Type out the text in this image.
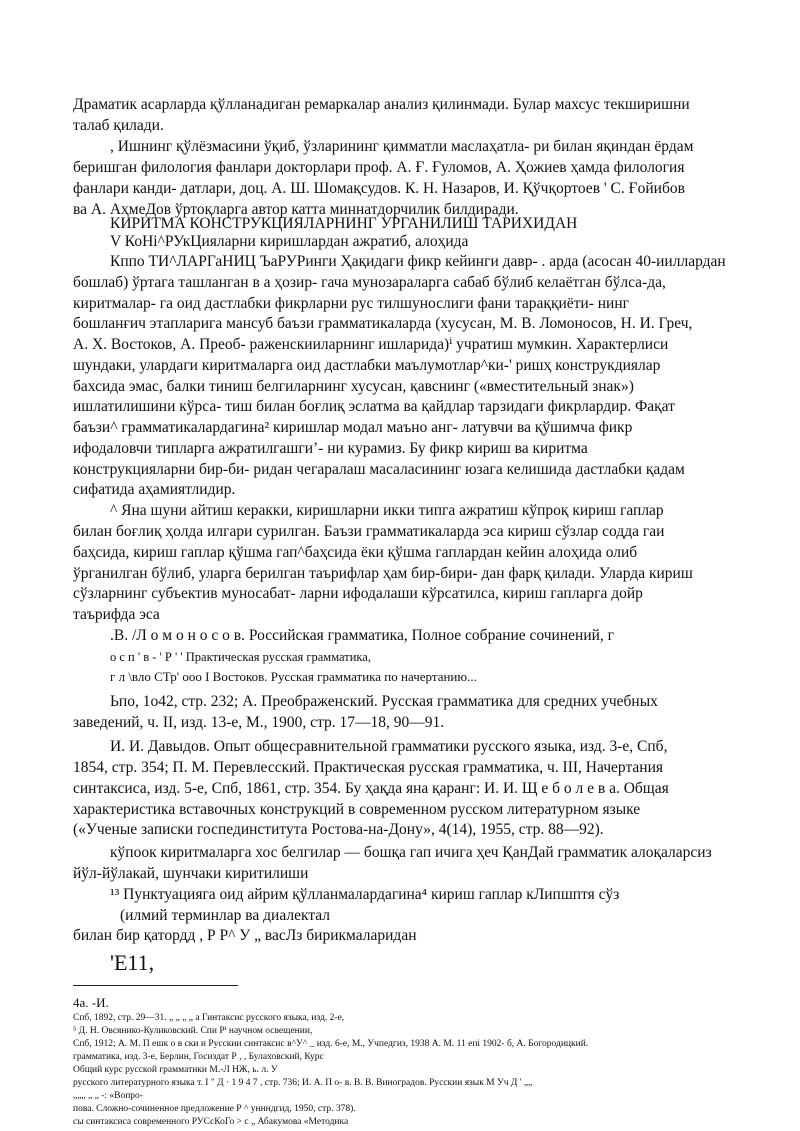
Драматик асарларда қўлланадиган ремаркалар анализ қилинмади. Булар махсус текширишни
талаб қилади.
, Ишнинг қўлёзмасини ўқиб, ўзларининг қимматли маслаҳатла- ри билан яқиндан ёрдам
беришган филология фанлари докторлари проф. А. Ғ. Ғуломов, А. Ҳожиев ҳамда филология
фанлари канди- датлари, доц. А. Ш. Шомақсудов. К. Н. Назаров, И. Қўчқортоев ' С. Ғойибов
ва А. АҳмеДов ўртоқларга автор катта миннатдорчилик билдиради.
КИРИТМА КОНСТРУКЦИЯЛАРНИНГ УРГАНИЛИШ ТАРИХИДАН
V КоНі^РУкЦияларни киришлардан ажратиб, алоҳида
Кппо ТИ^ЛАРГаНИЦ ЪаРУРинги Ҳақидаги фикр кейинги давр- . арда (асосан 40-ииллардан
бошлаб) ўртага ташланган в а ҳозир- гача мунозараларга сабаб бўлиб келаётган бўлса-да,
киритмалар- га оид дастлабки фикрларни рус тилшунослиги фани тараққиёти- нинг
бошланғич этапларига мансуб баъзи грамматикаларда (хусусан, М. В. Ломоносов, Н. И. Греч,
А. Х. Востоков, А. Преоб- раженскииларнинг ишларида)ⁱ учратиш мумкин. Характерлиси
шундаки, улардаги киритмаларга оид дастлабки маълумотлар^ки-' ришҳ конструкдиялар
бахсида эмас, балки тиниш белгиларнинг хусусан, қавснинг («вместительный знак»)
ишлатилишини кўрса- тиш билан боғлиқ эслатма ва қайдлар тарзидаги фикрлардир. Фақат
баъзи^ грамматикалардагина² киришлар модал маъно анг- латувчи ва қўшимча фикр
ифодаловчи типларга ажратилгашгиʼ- ни курамиз. Бу фикр кириш ва киритма
конструкцияларни бир-би- ридан чегаралаш масаласининг юзага келишида дастлабки қадам
сифатида аҳамиятлидир.
^ Яна шуни айтиш керакки, киришларни икки типга ажратиш кўпроқ кириш гаплар
билан боғлиқ ҳолда илгари сурилган. Баъзи грамматикаларда эса кириш сўзлар содда гаи
баҳсида, кириш гаплар қўшма гап^баҳсида ёки қўшма гаплардан кейин алоҳида олиб
ўрганилган бўлиб, уларга берилган таърифлар ҳам бир-бири- дан фарқ қилади. Уларда кириш
сўзларнинг субъектив муносабат- ларни ифодалаши кўрсатилса, кириш гапларга дойр
таърифда эса
.В. /Л о м о н о с о в. Российская грамматика, Полное собрание сочинений, г
о с п ' в - ' Р ' ' Практическая русская грамматика,
г л \вло СТр' ооо I Востоков. Русская грамматика по начертанию...
Ьпо, 1о42, стр. 232; А. Преображенский. Русская грамматика для средних учебных
заведений, ч. II, изд. 13-е, М., 1900, стр. 17—18, 90—91.
И. И. Давыдов. Опыт общесравнительной грамматики русского языка, изд. 3-е, Спб,
1854, стр. 354; П. М. Перевлесский. Практическая русская грамматика, ч. III, Начертания
синтаксиса, изд. 5-е, Спб, 1861, стр. 354. Бу ҳақда яна қаранг: И. И. Щ е б о л е в а. Общая
характеристика вставочных конструкций в современном русском литературном языке
(«Ученые записки госпединститута Ростова-на-Дону», 4(14), 1955, стр. 88—92).
кўпоок киритмаларга хос белгилар — бошқа гап ичига ҳеч ҚанДай грамматик алоқаларсиз
йўл-йўлакай, шунчаки киритилиши
¹³ Пунктуацияга оид айрим қўлланмалардагина⁴ кириш гаплар кЛипшптя сўз
(илмий терминлар ва диалектал
билан бир қатордд , Р Р^ У „ васЛз бирикмаларидан
'Е11,
4а. -И.
Спб, 1892, стр. 29—31. „ „ „ „ а Гинтаксис русского языка, изд. 2-е,
⁵ Д. Н. Овсянико-Куликовский. Спи Рⁱ научном освещении,
Спб, 1912; А. М. П ешк о в ски и Русскии синтаксис в^У^ _ изд. 6-е, М., Учпедгиз, 1938 А. М. 11 епі 1902- б, А. Богородицкий.
грамматика, изд. 3-е, Берлин, Госиздат Р , , Булаховский, Курс
Общий курс русской грамматики М.-Л НЖ, ь. л. У
русского литературного языка т. I " Д · 1 9 4 7 , стр. 736; И. А. П о- в. В. В. Виноградов. Русскии язык М Уч Д ' „„
„„„ „ „ -: «Вопро-
пова. Сложно-сочиненное предложение Р ^ уннндгид, 1950, стр. 378).
сы синтаксиса современного РУСсКоГо > с „ Абакумова «Методика
